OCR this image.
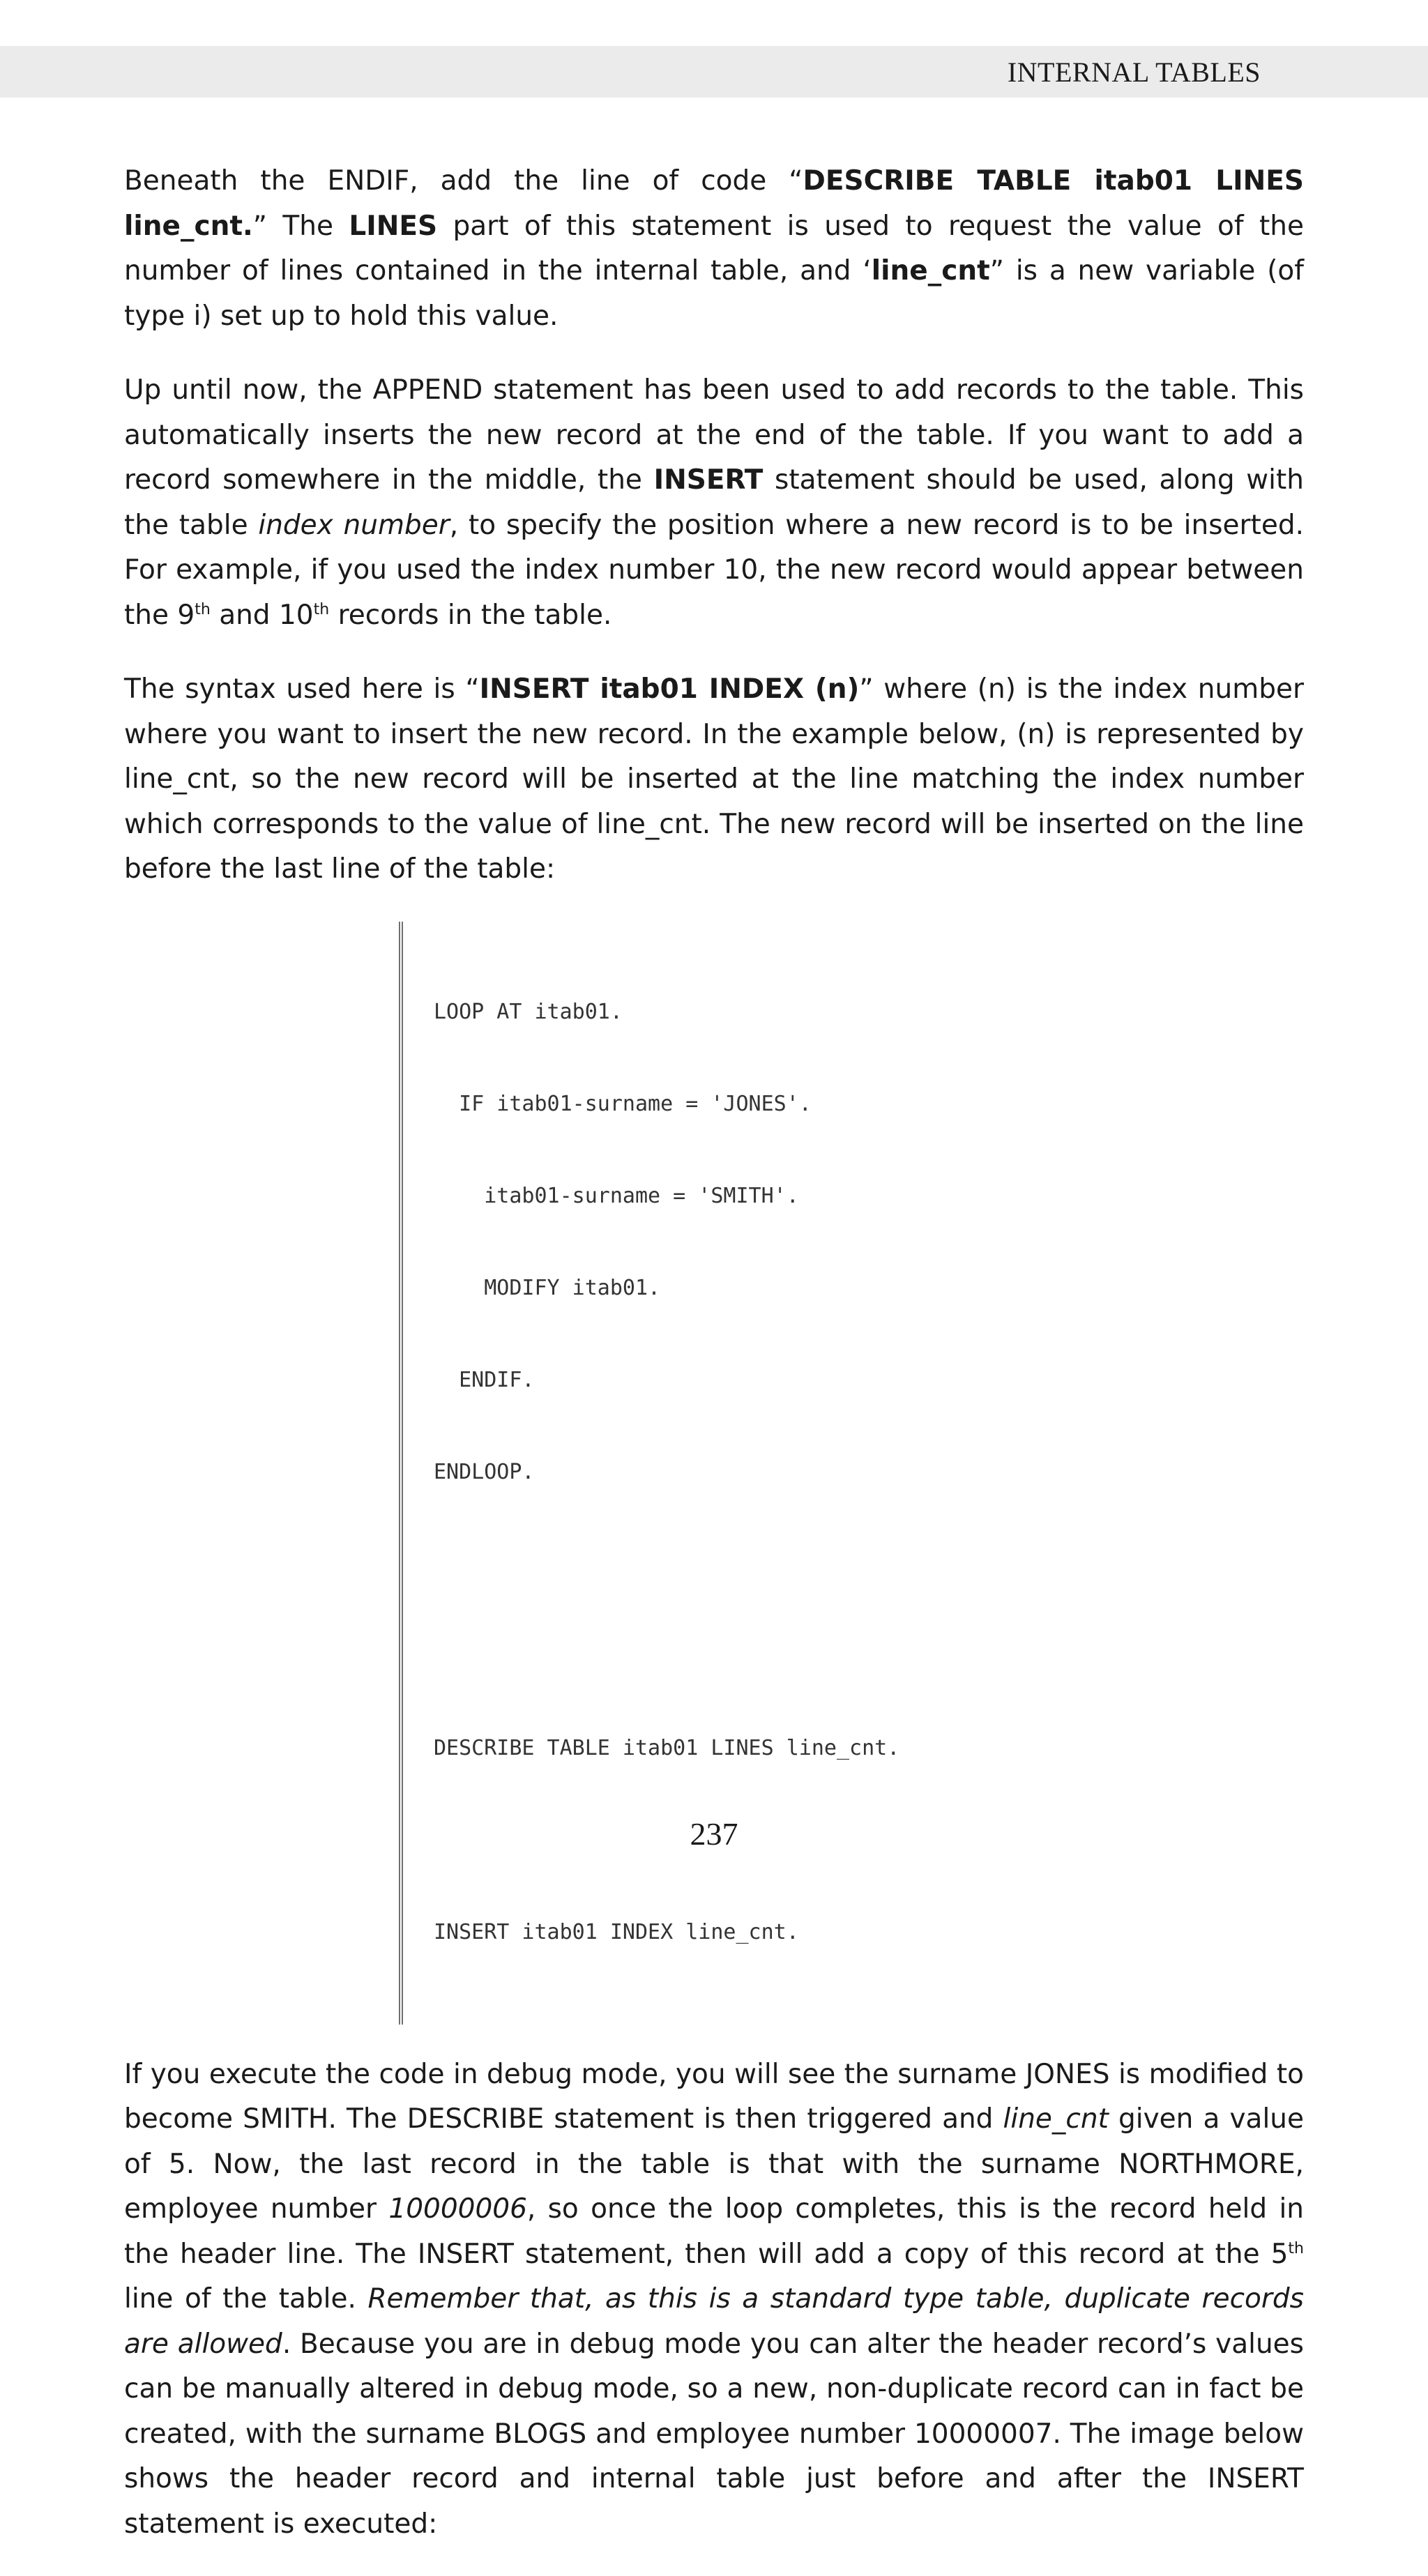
INTERNAL TABLES

Beneath the ENDIF, add the line of code “DESCRIBE TABLE itab01 LINES line_cnt.” The LINES part of this statement is used to request the value of the number of lines contained in the internal table, and ‘line_cnt” is a new variable (of type i) set up to hold this value.

Up until now, the APPEND statement has been used to add records to the table. This automatically inserts the new record at the end of the table. If you want to add a record somewhere in the middle, the INSERT statement should be used, along with the table index number, to specify the position where a new record is to be inserted. For example, if you used the index number 10, the new record would appear between the 9th and 10th records in the table.

The syntax used here is “INSERT itab01 INDEX (n)” where (n) is the index number where you want to insert the new record. In the example below, (n) is represented by line_cnt, so the new record will be inserted at the line matching the index number which corresponds to the value of line_cnt. The new record will be inserted on the line before the last line of the table:

LOOP AT itab01.

IF itab01-surname = 'JONES'.

itab01-surname = 'SMITH'.

MODIFY itab01.

ENDIF.

ENDLOOP.

DESCRIBE TABLE itab01 LINES line_cnt.

INSERT itab01 INDEX line_cnt.

If you execute the code in debug mode, you will see the surname JONES is modified to become SMITH. The DESCRIBE statement is then triggered and line_cnt given a value of 5. Now, the last record in the table is that with the surname NORTHMORE, employee number 10000006, so once the loop completes, this is the record held in the header line. The INSERT statement, then will add a copy of this record at the 5th line of the table. Remember that, as this is a standard type table, duplicate records are allowed. Because you are in debug mode you can alter the header record’s values can be manually altered in debug mode, so a new, non-duplicate record can in fact be created, with the surname BLOGS and employee number 10000007. The image below shows the header record and internal table just before and after the INSERT statement is executed:

237
